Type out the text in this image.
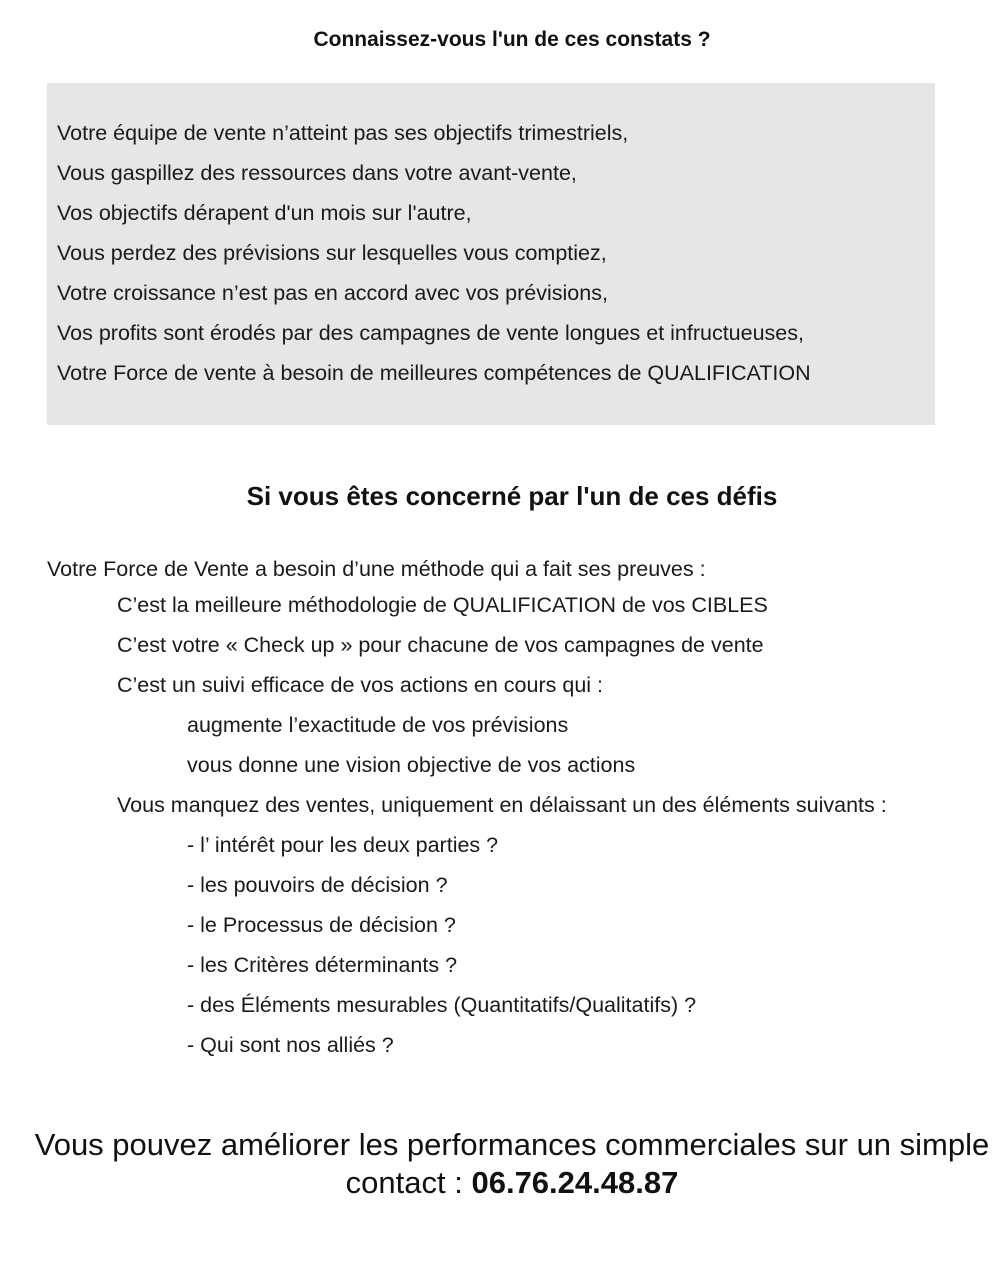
Connaissez-vous l'un de ces constats ?
Votre équipe de vente n’atteint pas ses objectifs trimestriels,
Vous gaspillez des ressources dans votre avant-vente,
Vos objectifs dérapent d'un mois sur l'autre,
Vous perdez des prévisions sur lesquelles vous comptiez,
Votre croissance n’est pas en accord avec vos prévisions,
Vos profits sont érodés par des campagnes de vente longues et infructueuses,
Votre Force de vente à besoin de meilleures compétences de QUALIFICATION
Si vous êtes concerné par l'un de ces défis
Votre Force de Vente a besoin d’une méthode qui a fait ses preuves :
C’est la meilleure méthodologie de QUALIFICATION de vos CIBLES
C’est votre « Check up » pour chacune de vos campagnes de vente
C’est un suivi efficace de vos actions en cours qui :
augmente l’exactitude de vos prévisions
vous donne une vision objective de vos actions
Vous manquez des ventes, uniquement en délaissant un des éléments suivants :
- l’ intérêt pour les deux parties ?
- les pouvoirs de décision ?
- le Processus de décision ?
- les Critères déterminants ?
- des Éléments mesurables (Quantitatifs/Qualitatifs) ?
- Qui sont nos alliés ?
Vous pouvez améliorer les performances commerciales sur un simple contact : 06.76.24.48.87
